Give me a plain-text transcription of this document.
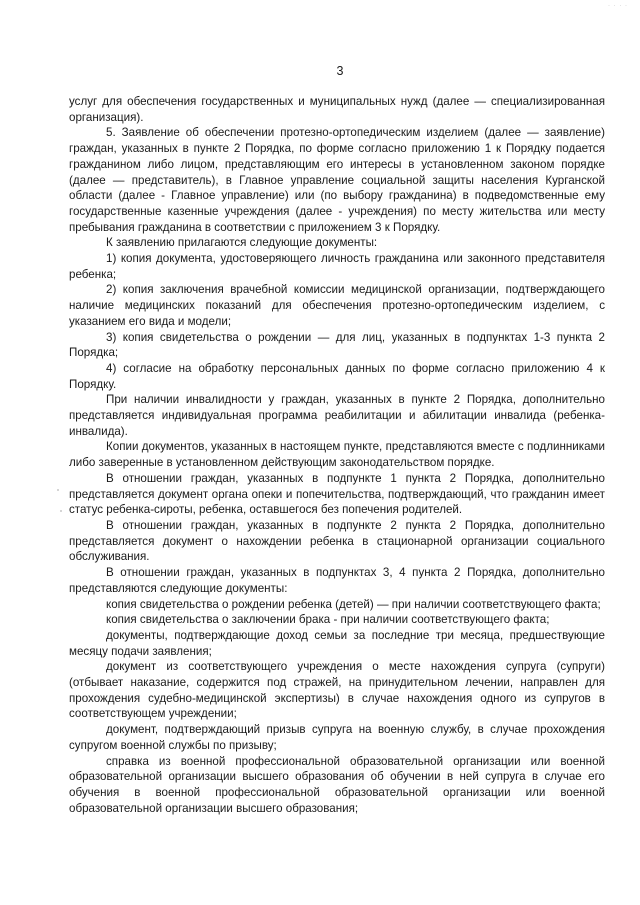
· · · ·
3

услуг для обеспечения государственных и муниципальных нужд (далее — специализированная организация).

5. Заявление об обеспечении протезно-ортопедическим изделием (далее — заявление) граждан, указанных в пункте 2 Порядка, по форме согласно приложению 1 к Порядку подается гражданином либо лицом, представляющим его интересы в установленном законом порядке (далее — представитель), в Главное управление социальной защиты населения Курганской области (далее - Главное управление) или (по выбору гражданина) в подведомственные ему государственные казенные учреждения (далее - учреждения) по месту жительства или месту пребывания гражданина в соответствии с приложением 3 к Порядку.

К заявлению прилагаются следующие документы:

1) копия документа, удостоверяющего личность гражданина или законного представителя ребенка;

2) копия заключения врачебной комиссии медицинской организации, подтверждающего наличие медицинских показаний для обеспечения протезно-ортопедическим изделием, с указанием его вида и модели;

3) копия свидетельства о рождении — для лиц, указанных в подпунктах 1-3 пункта 2 Порядка;

4) согласие на обработку персональных данных по форме согласно приложению 4 к Порядку.

При наличии инвалидности у граждан, указанных в пункте 2 Порядка, дополнительно представляется индивидуальная программа реабилитации и абилитации инвалида (ребенка-инвалида).

Копии документов, указанных в настоящем пункте, представляются вместе с подлинниками либо заверенные в установленном действующим законодательством порядке.

В отношении граждан, указанных в подпункте 1 пункта 2 Порядка, дополнительно представляется документ органа опеки и попечительства, подтверждающий, что гражданин имеет статус ребенка-сироты, ребенка, оставшегося без попечения родителей.

В отношении граждан, указанных в подпункте 2 пункта 2 Порядка, дополнительно представляется документ о нахождении ребенка в стационарной организации социального обслуживания.

В отношении граждан, указанных в подпунктах 3, 4 пункта 2 Порядка, дополнительно представляются следующие документы:

копия свидетельства о рождении ребенка (детей) — при наличии соответствующего факта;

копия свидетельства о заключении брака - при наличии соответствующего факта;

документы, подтверждающие доход семьи за последние три месяца, предшествующие месяцу подачи заявления;

документ из соответствующего учреждения о месте нахождения супруга (супруги) (отбывает наказание, содержится под стражей, на принудительном лечении, направлен для прохождения судебно-медицинской экспертизы) в случае нахождения одного из супругов в соответствующем учреждении;

документ, подтверждающий призыв супруга на военную службу, в случае прохождения супругом военной службы по призыву;

справка из военной профессиональной образовательной организации или военной образовательной организации высшего образования об обучении в ней супруга в случае его обучения в военной профессиональной образовательной организации или военной образовательной организации высшего образования;
